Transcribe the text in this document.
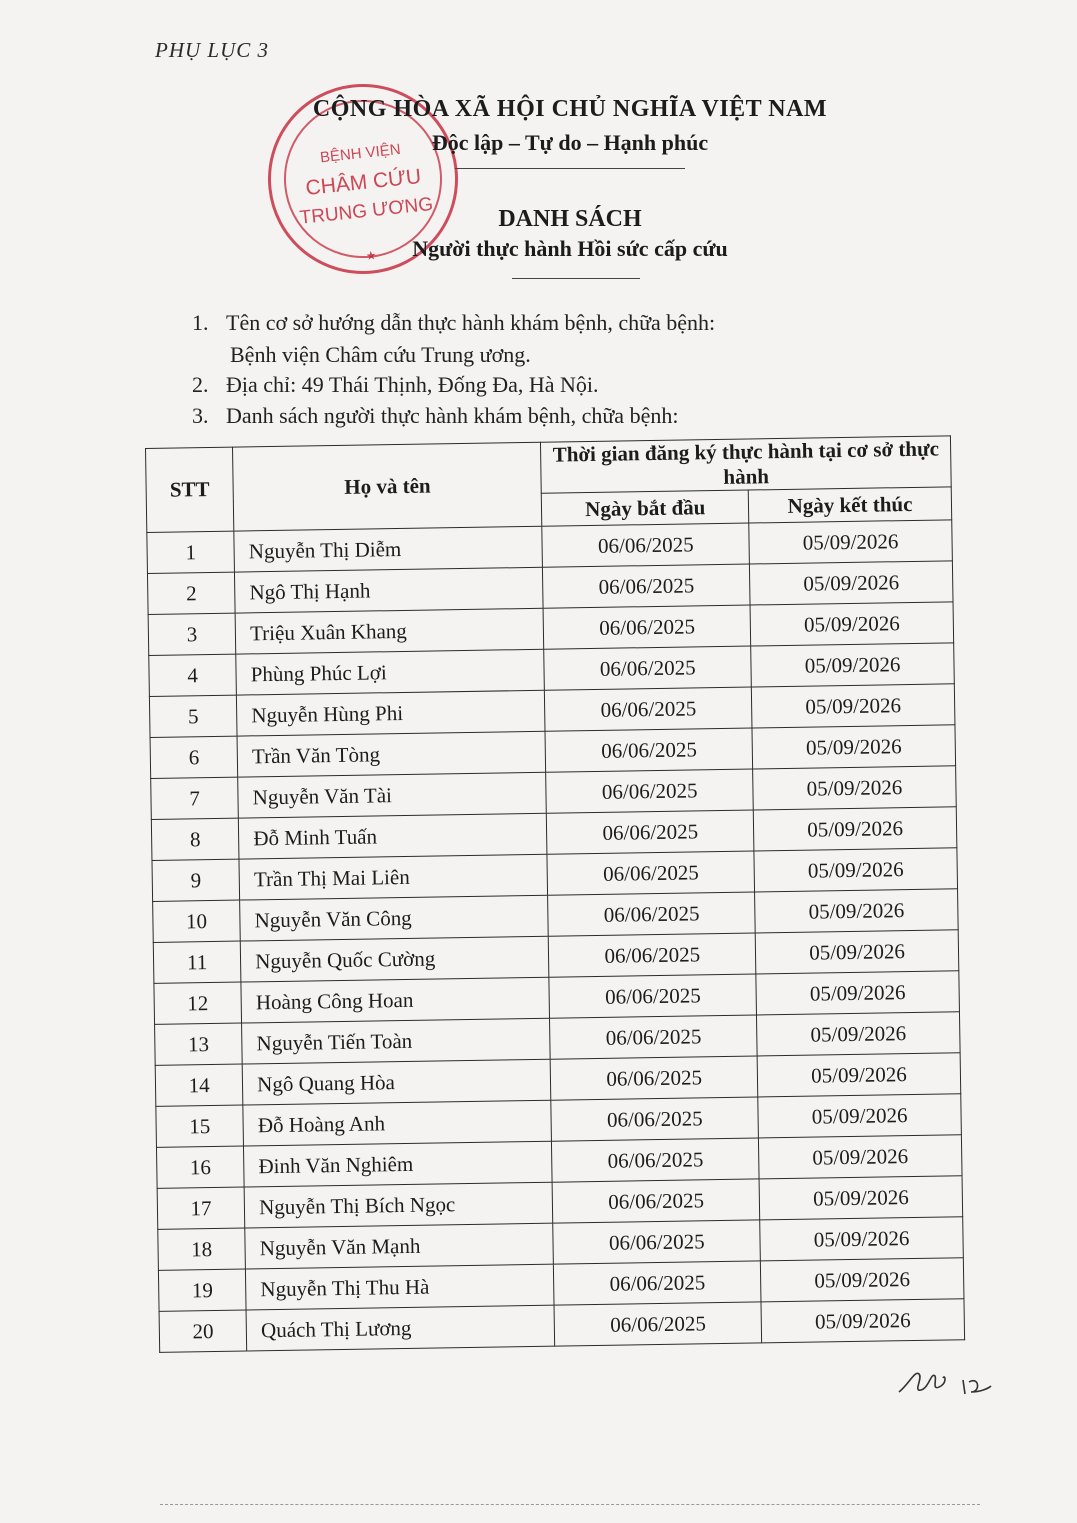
PHỤ LỤC 3
BỆNH VIỆN
CHÂM CỨU
TRUNG ƯƠNG
★
CỘNG HÒA XÃ HỘI CHỦ NGHĨA VIỆT NAM
Độc lập – Tự do – Hạnh phúc
DANH SÁCH
Người thực hành Hồi sức cấp cứu
1. Tên cơ sở hướng dẫn thực hành khám bệnh, chữa bệnh:
Bệnh viện Châm cứu Trung ương.
2. Địa chỉ: 49 Thái Thịnh, Đống Đa, Hà Nội.
3. Danh sách người thực hành khám bệnh, chữa bệnh:
STT	Họ và tên	Thời gian đăng ký thực hành tại cơ sở thực hành	
		Ngày bắt đầu	Ngày kết thúc
1	Nguyễn Thị Diễm	06/06/2025	05/09/2026
2	Ngô Thị Hạnh	06/06/2025	05/09/2026
3	Triệu Xuân Khang	06/06/2025	05/09/2026
4	Phùng Phúc Lợi	06/06/2025	05/09/2026
5	Nguyễn Hùng Phi	06/06/2025	05/09/2026
6	Trần Văn Tòng	06/06/2025	05/09/2026
7	Nguyễn Văn Tài	06/06/2025	05/09/2026
8	Đỗ Minh Tuấn	06/06/2025	05/09/2026
9	Trần Thị Mai Liên	06/06/2025	05/09/2026
10	Nguyễn Văn Công	06/06/2025	05/09/2026
11	Nguyễn Quốc Cường	06/06/2025	05/09/2026
12	Hoàng Công Hoan	06/06/2025	05/09/2026
13	Nguyễn Tiến Toàn	06/06/2025	05/09/2026
14	Ngô Quang Hòa	06/06/2025	05/09/2026
15	Đỗ Hoàng Anh	06/06/2025	05/09/2026
16	Đinh Văn Nghiêm	06/06/2025	05/09/2026
17	Nguyễn Thị Bích Ngọc	06/06/2025	05/09/2026
18	Nguyễn Văn Mạnh	06/06/2025	05/09/2026
19	Nguyễn Thị Thu Hà	06/06/2025	05/09/2026
20	Quách Thị Lương	06/06/2025	05/09/2026
